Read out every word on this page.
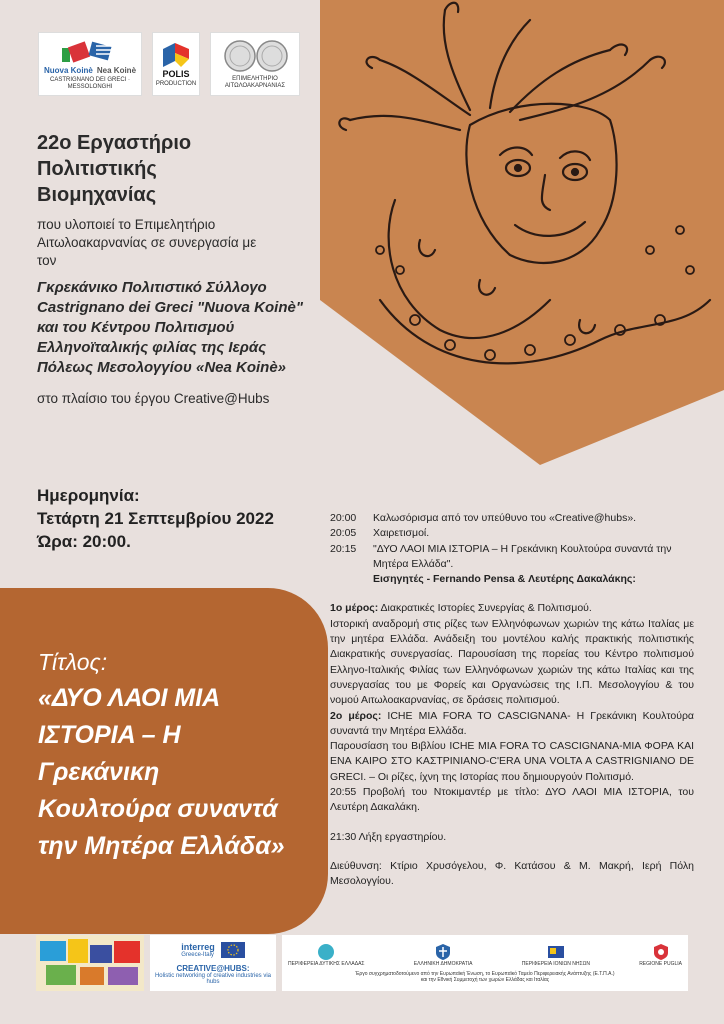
Nuova Koinè Nea Koinè
CASTRIGNANO DEI GRECI · MESSOLONGHI
POLIS
PRODUCTION
ΕΠΙΜΕΛΗΤΗΡΙΟ ΑΙΤΩΛΟΑΚΑΡΝΑΝΙΑΣ
22ο Εργαστήριο
Πολιτιστικής
Βιομηχανίας
που υλοποιεί το Επιμελητήριο Αιτωλοακαρνανίας σε συνεργασία με τον
Γκρεκάνικο Πολιτιστικό Σύλλογο Castrignano dei Greci "Nuova Koinè" και του Κέντρου Πολιτισμού Ελληνοϊταλικής φιλίας της Ιεράς Πόλεως Μεσολογγίου «Nea Koinè»
στο πλαίσιο του έργου Creative@Hubs
Ημερομηνία:
Τετάρτη 21 Σεπτεμβρίου 2022
Ώρα: 20:00.
Τίτλος:
«ΔΥΟ ΛΑΟΙ ΜΙΑ ΙΣΤΟΡΙΑ – Η Γρεκάνικη Κουλτούρα συναντά την Μητέρα Ελλάδα»
20:00	Καλωσόρισμα από τον υπεύθυνο του «Creative@hubs».
20:05	Χαιρετισμοί.
20:15	"ΔΥΟ ΛΑΟΙ ΜΙΑ ΙΣΤΟΡΙΑ – Η Γρεκάνικη Κουλτούρα συναντά την Μητέρα Ελλάδα".
Εισηγητές - Fernando Pensa & Λευτέρης Δακαλάκης:
1ο μέρος: Διακρατικές Ιστορίες Συνεργίας & Πολιτισμού.
Ιστορική αναδρομή στις ρίζες των Ελληνόφωνων χωριών της κάτω Ιταλίας με την μητέρα Ελλάδα. Ανάδειξη του μοντέλου καλής πρακτικής πολιτιστικής Διακρατικής συνεργασίας. Παρουσίαση της πορείας του Κέντρο πολιτισμού Ελληνο-Ιταλικής Φιλίας των Ελληνόφωνων χωριών της κάτω Ιταλίας και της συνεργασίας του με Φορείς και Οργανώσεις της Ι.Π. Μεσολογγίου & του νομού Αιτωλοακαρνανίας, σε δράσεις πολιτισμού.
2ο μέρος: ICHE MIA FORA TO CASCIGNANA- Η Γρεκάνικη Κουλτούρα συναντά την Μητέρα Ελλάδα.
Παρουσίαση του Βιβλίου ICHE MIA FORA TO CASCIGNANA-MIA ΦΟΡΑ ΚΑΙ ΕΝΑ ΚΑΙΡΟ ΣΤΟ ΚΑΣΤΡΙΝΙΑΝΟ-C'ERA UNA VOLTA A CASTRIGNIANO DE GRECI. – Οι ρίζες, ίχνη της Ιστορίας που δημιουργούν Πολιτισμό.
20:55 Προβολή του Ντοκιμαντέρ με τίτλο: ΔΥΟ ΛΑΟΙ ΜΙΑ ΙΣΤΟΡΙΑ, του Λευτέρη Δακαλάκη.
21:30 Λήξη εργαστηρίου.
Διεύθυνση: Κτίριο Χρυσόγελου, Φ. Κατάσου & Μ. Μακρή, Ιερή Πόλη Μεσολογγίου.
interreg
Greece-Italy
CREATIVE@HUBS:
Holistic networking of creative industries via hubs
ΠΕΡΙΦΕΡΕΙΑ ΔΥΤΙΚΗΣ ΕΛΛΑΔΑΣ	ΕΛΛΗΝΙΚΗ ΔΗΜΟΚΡΑΤΙΑ	ΠΕΡΙΦΕΡΕΙΑ ΙΟΝΙΩΝ ΝΗΣΩΝ	REGIONE PUGLIA
Έργο συγχρηματοδοτούμενο από την Ευρωπαϊκή Ένωση, το Ευρωπαϊκό Ταμείο Περιφερειακής Ανάπτυξης (Ε.Τ.Π.Α.)
και την Εθνική Συμμετοχή των χωρών Ελλάδας και Ιταλίας
